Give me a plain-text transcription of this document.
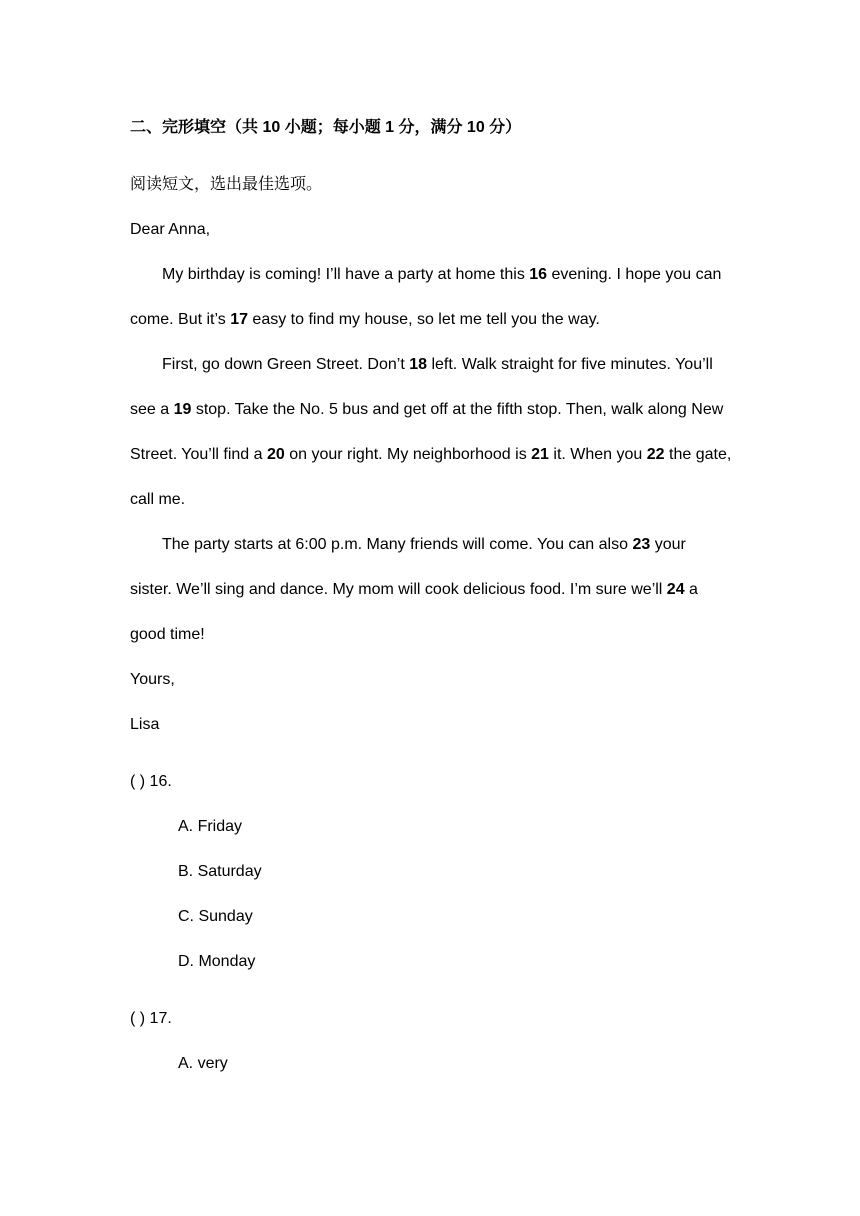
二、完形填空（共 10 小题；每小题 1 分，满分 10 分）
阅读短文，选出最佳选项。
Dear Anna,
My birthday is coming! I’ll have a party at home this 16 evening. I hope you can
come. But it’s 17 easy to find my house, so let me tell you the way.
First, go down Green Street. Don’t 18 left. Walk straight for five minutes. You’ll
see a 19 stop. Take the No. 5 bus and get off at the fifth stop. Then, walk along New
Street. You’ll find a 20 on your right. My neighborhood is 21 it. When you 22 the gate,
call me.
The party starts at 6:00 p.m. Many friends will come. You can also 23 your
sister. We’ll sing and dance. My mom will cook delicious food. I’m sure we’ll 24 a
good time!
Yours,
Lisa
( ) 16.
A. Friday
B. Saturday
C. Sunday
D. Monday
( ) 17.
A. very
